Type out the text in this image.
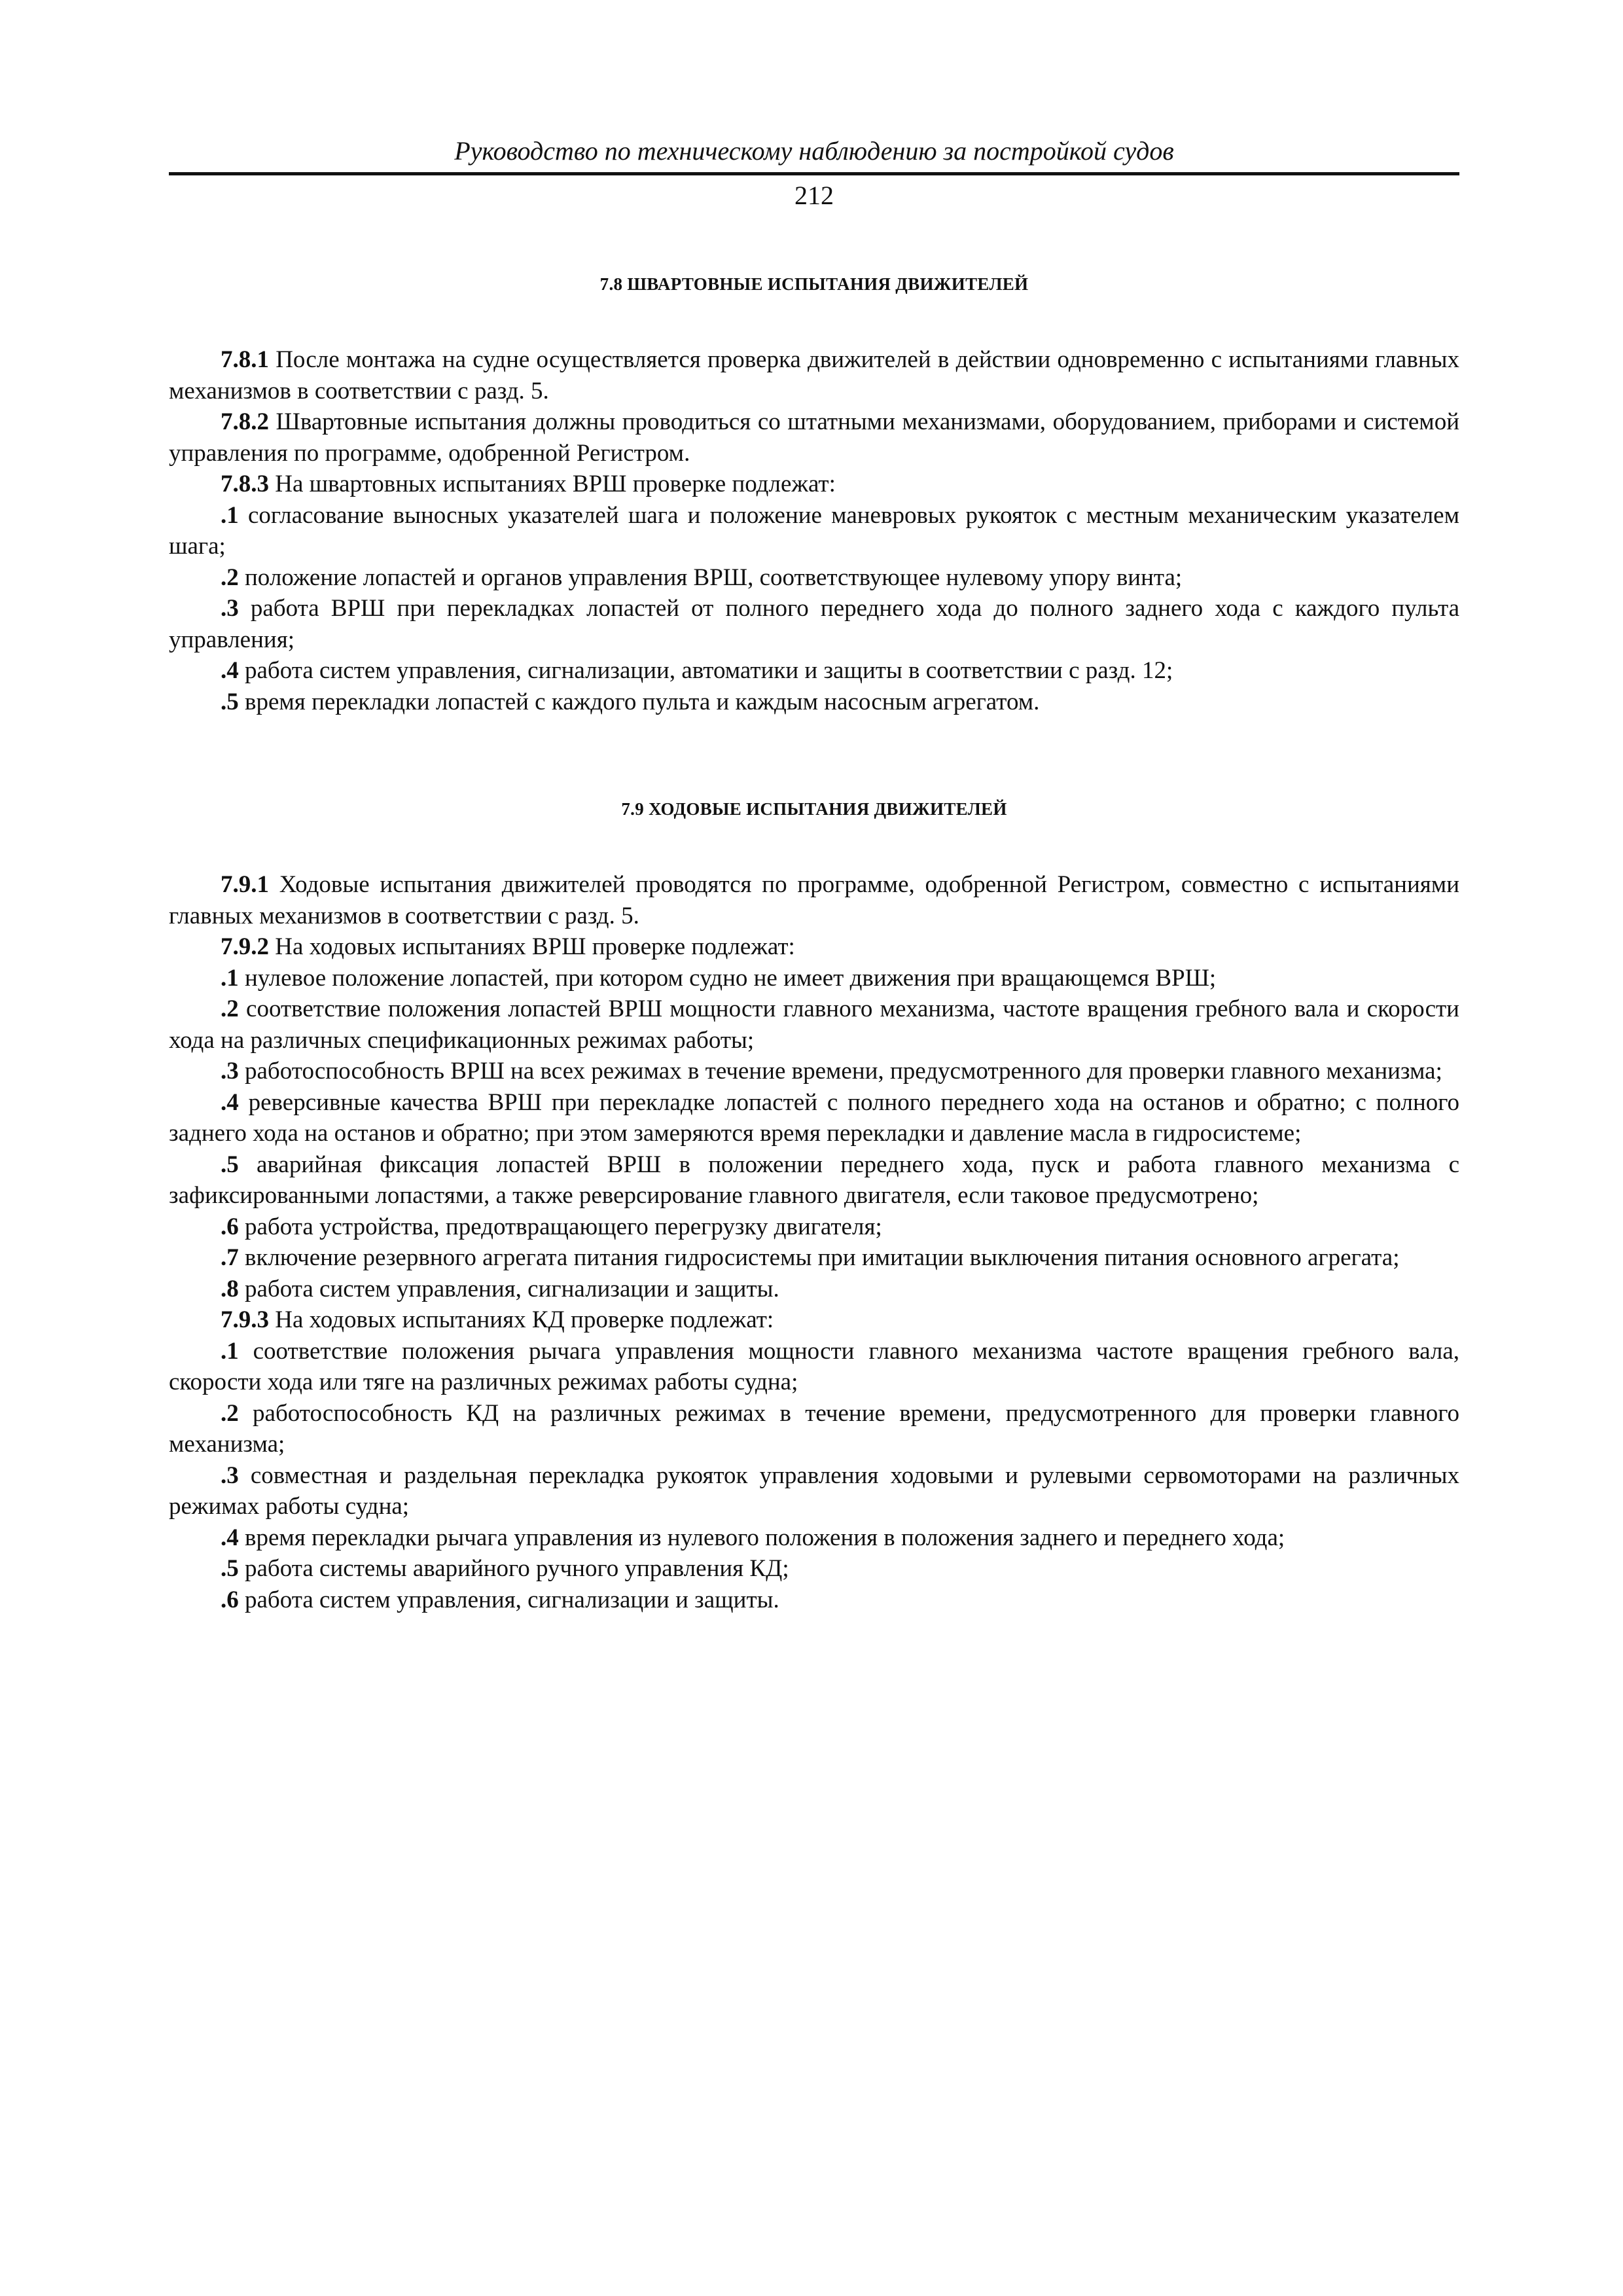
Руководство по техническому наблюдению за постройкой судов

212

7.8 ШВАРТОВНЫЕ ИСПЫТАНИЯ ДВИЖИТЕЛЕЙ

7.8.1 После монтажа на судне осуществляется проверка движителей в действии одновременно с испытаниями главных механизмов в соответствии с разд. 5.

7.8.2 Швартовные испытания должны проводиться со штатными механизмами, оборудованием, приборами и системой управления по программе, одобренной Регистром.

7.8.3 На швартовных испытаниях ВРШ проверке подлежат:

.1 согласование выносных указателей шага и положение маневровых рукояток с местным механическим указателем шага;

.2 положение лопастей и органов управления ВРШ, соответствующее нулевому упору винта;

.3 работа ВРШ при перекладках лопастей от полного переднего хода до полного заднего хода с каждого пульта управления;

.4 работа систем управления, сигнализации, автоматики и защиты в соответствии с разд. 12;

.5 время перекладки лопастей с каждого пульта и каждым насосным агрегатом.

7.9 ХОДОВЫЕ ИСПЫТАНИЯ ДВИЖИТЕЛЕЙ

7.9.1 Ходовые испытания движителей проводятся по программе, одобренной Регистром, совместно с испытаниями главных механизмов в соответствии с разд. 5.

7.9.2 На ходовых испытаниях ВРШ проверке подлежат:

.1 нулевое положение лопастей, при котором судно не имеет движения при вращающемся ВРШ;

.2 соответствие положения лопастей ВРШ мощности главного механизма, частоте вращения гребного вала и скорости хода на различных спецификационных режимах работы;

.3 работоспособность ВРШ на всех режимах в течение времени, предусмотренного для проверки главного механизма;

.4 реверсивные качества ВРШ при перекладке лопастей с полного переднего хода на останов и обратно; с полного заднего хода на останов и обратно; при этом замеряются время перекладки и давление масла в гидросистеме;

.5 аварийная фиксация лопастей ВРШ в положении переднего хода, пуск и работа главного механизма с зафиксированными лопастями, а также реверсирование главного двигателя, если таковое предусмотрено;

.6 работа устройства, предотвращающего перегрузку двигателя;

.7 включение резервного агрегата питания гидросистемы при имитации выключения питания основного агрегата;

.8 работа систем управления, сигнализации и защиты.

7.9.3 На ходовых испытаниях КД проверке подлежат:

.1 соответствие положения рычага управления мощности главного механизма частоте вращения гребного вала, скорости хода или тяге на различных режимах работы судна;

.2 работоспособность КД на различных режимах в течение времени, предусмотренного для проверки главного механизма;

.3 совместная и раздельная перекладка рукояток управления ходовыми и рулевыми сервомоторами на различных режимах работы судна;

.4 время перекладки рычага управления из нулевого положения в положения заднего и переднего хода;

.5 работа системы аварийного ручного управления КД;

.6 работа систем управления, сигнализации и защиты.
